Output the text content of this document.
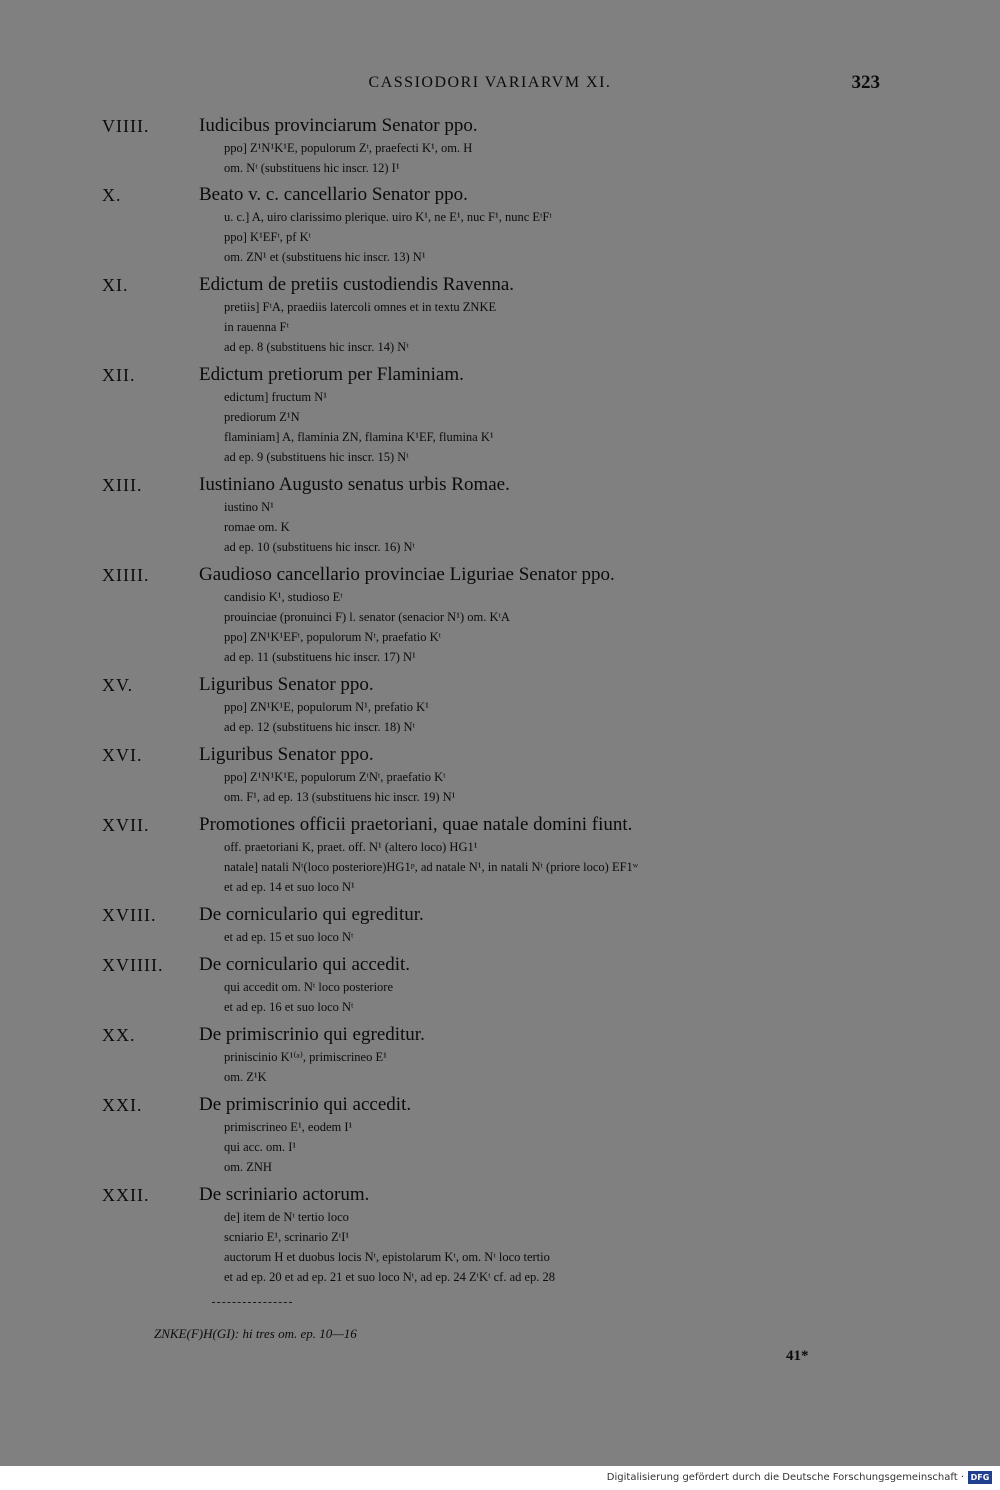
CASSIODORI VARIARVM XI.	323
VIIII.	Iudicibus provinciarum Senator ppo.
ppo] Z¹N¹K¹E, populorum Zᵗ, praefecti K¹, om. H
om. Nᵗ (substituens hic inscr. 12) I¹
X.	Beato v. c. cancellario Senator ppo.
u. c.] A, uiro clarissimo plerique. uiro K¹, ne E¹, nuc F¹, nunc EᵗFᵗ
ppo] K¹EFᵗ, pf Kᵗ
om. ZN¹ et (substituens hic inscr. 13) N¹
XI.	Edictum de pretiis custodiendis Ravenna.
pretiis] FᵗA, praediis latercoli omnes et in textu ZNKE
in rauenna Fᵗ
ad ep. 8 (substituens hic inscr. 14) Nᵗ
XII.	Edictum pretiorum per Flaminiam.
edictum] fructum N¹
prediorum Z¹N
flaminiam] A, flaminia ZN, flamina K¹EF, flumina K¹
ad ep. 9 (substituens hic inscr. 15) Nᵗ
XIII.	Iustiniano Augusto senatus urbis Romae.
iustino N¹
romae om. K
ad ep. 10 (substituens hic inscr. 16) Nᵗ
XIIII.	Gaudioso cancellario provinciae Liguriae Senator ppo.
candisio K¹, studioso Eᵗ
prouinciae (pronuinci F) l. senator (senacior N¹) om. KᵗA
ppo] ZN¹K¹EFᵗ, populorum Nᵗ, praefatio Kᵗ
ad ep. 11 (substituens hic inscr. 17) N¹
XV.	Liguribus Senator ppo.
ppo] ZN¹K¹E, populorum N¹, prefatio K¹
ad ep. 12 (substituens hic inscr. 18) Nᵗ
XVI.	Liguribus Senator ppo.
ppo] Z¹N¹K¹E, populorum ZᵗNᵗ, praefatio Kᵗ
om. F¹, ad ep. 13 (substituens hic inscr. 19) N¹
XVII.	Promotiones officii praetoriani, quae natale domini fiunt.
off. praetoriani K, praet. off. N¹ (altero loco) HG1¹
natale] natali Nᵗ(loco posteriore)HG1ᵖ, ad natale N¹, in natali Nᵗ (priore loco) EF1ʷ
et ad ep. 14 et suo loco N¹
XVIII. De corniculario qui egreditur.
et ad ep. 15 et suo loco Nᵗ
XVIIII. De corniculario qui accedit.
qui accedit om. Nᵗ loco posteriore
et ad ep. 16 et suo loco Nᵗ
XX.	De primiscrinio qui egreditur.
priniscinio K¹⁽ᵃ⁾, primiscrineo E¹
om. Z¹K
XXI.	De primiscrinio qui accedit.
primiscrineo E¹, eodem I¹
qui acc. om. I¹
om. ZNH
XXII.	De scriniario actorum.
de] item de Nᵗ tertio loco
scniario E¹, scrinario ZᵗI¹
auctorum H et duobus locis Nᵗ, epistolarum Kᵗ, om. Nᵗ loco tertio
et ad ep. 20 et ad ep. 21 et suo loco Nᵗ, ad ep. 24 ZᵗKᵗ cf. ad ep. 28
ZNKE(F)H(GI): hi tres om. ep. 10—16
41*
Digitalisierung gefördert durch die Deutsche Forschungsgemeinschaft · DFG
